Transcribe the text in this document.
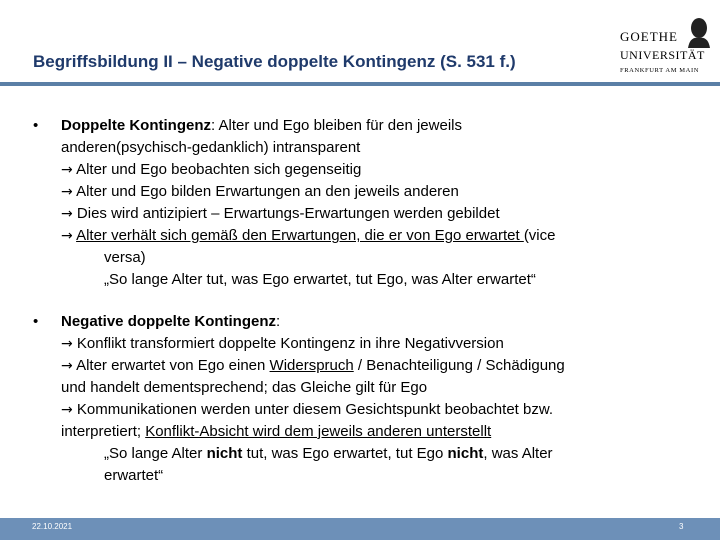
Begriffsbildung II – Negative doppelte Kontingenz (S. 531 f.)
GOETHE
UNIVERSITÄT
FRANKFURT AM MAIN
• Doppelte Kontingenz: Alter und Ego bleiben für den jeweils
anderen(psychisch-gedanklich) intransparent
→ Alter und Ego beobachten sich gegenseitig
→ Alter und Ego bilden Erwartungen an den jeweils anderen
→ Dies wird antizipiert – Erwartungs-Erwartungen werden gebildet
→ Alter verhält sich gemäß den Erwartungen, die er von Ego erwartet (vice
versa)
„So lange Alter tut, was Ego erwartet, tut Ego, was Alter erwartet“
• Negative doppelte Kontingenz:
→ Konflikt transformiert doppelte Kontingenz in ihre Negativversion
→ Alter erwartet von Ego einen Widerspruch / Benachteiligung / Schädigung
und handelt dementsprechend; das Gleiche gilt für Ego
→ Kommunikationen werden unter diesem Gesichtspunkt beobachtet bzw.
interpretiert; Konflikt-Absicht wird dem jeweils anderen unterstellt
„So lange Alter nicht tut, was Ego erwartet, tut Ego nicht, was Alter
erwartet“
22.10.2021	3
